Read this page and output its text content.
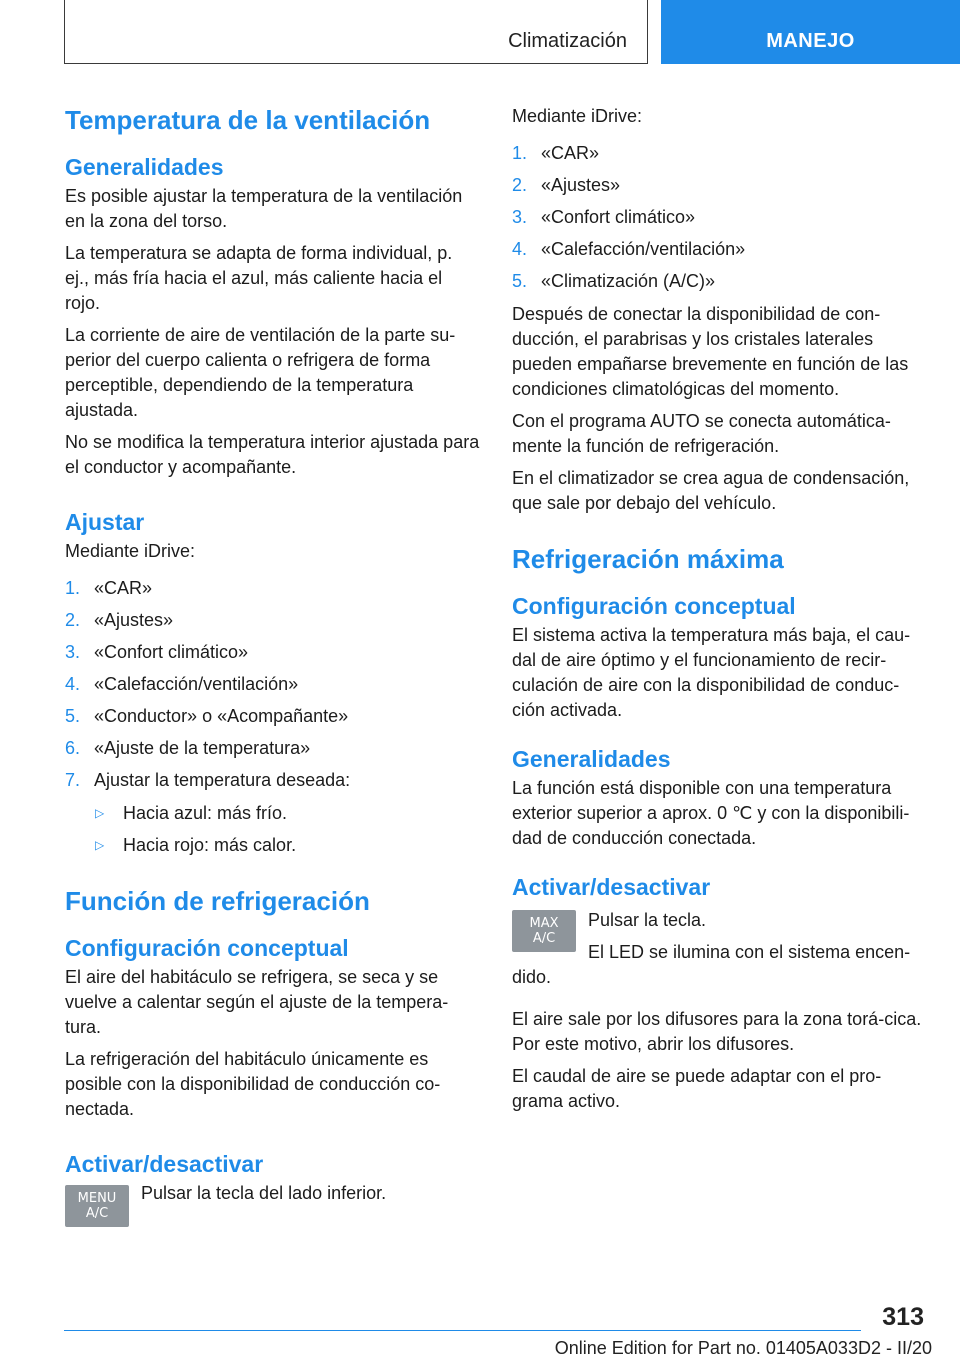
Climatización	MANEJO
Temperatura de la ventilación
Generalidades

Es posible ajustar la temperatura de la ventilación en la zona del torso.

La temperatura se adapta de forma individual, p. ej., más fría hacia el azul, más caliente hacia el rojo.

La corriente de aire de ventilación de la parte su-perior del cuerpo calienta o refrigera de forma perceptible, dependiendo de la temperatura ajustada.

No se modifica la temperatura interior ajustada para el conductor y acompañante.

Ajustar

Mediante iDrive:

1. «CAR»
2. «Ajustes»
3. «Confort climático»
4. «Calefacción/ventilación»
5. «Conductor» o «Acompañante»
6. «Ajuste de la temperatura»
7. Ajustar la temperatura deseada:
▷ Hacia azul: más frío.
▷ Hacia rojo: más calor.
Función de refrigeración
Configuración conceptual

El aire del habitáculo se refrigera, se seca y se vuelve a calentar según el ajuste de la tempera-tura.

La refrigeración del habitáculo únicamente es posible con la disponibilidad de conducción co-nectada.

Activar/desactivar
MENU
A/C

Pulsar la tecla del lado inferior.

Mediante iDrive:

1. «CAR»
2. «Ajustes»
3. «Confort climático»
4. «Calefacción/ventilación»
5. «Climatización (A/C)»

Después de conectar la disponibilidad de con-ducción, el parabrisas y los cristales laterales pueden empañarse brevemente en función de las condiciones climatológicas del momento.

Con el programa AUTO se conecta automática-mente la función de refrigeración.

En el climatizador se crea agua de condensación, que sale por debajo del vehículo.

Refrigeración máxima
Configuración conceptual

El sistema activa la temperatura más baja, el cau-dal de aire óptimo y el funcionamiento de recir-culación de aire con la disponibilidad de conduc-ción activada.

Generalidades

La función está disponible con una temperatura exterior superior a aprox. 0 ℃ y con la disponibili-dad de conducción conectada.

Activar/desactivar
MAX
A/C

Pulsar la tecla.

El LED se ilumina con el sistema encen-dido.

El aire sale por los difusores para la zona torá-cica. Por este motivo, abrir los difusores.

El caudal de aire se puede adaptar con el pro-grama activo.

313
Online Edition for Part no. 01405A033D2 - II/20
